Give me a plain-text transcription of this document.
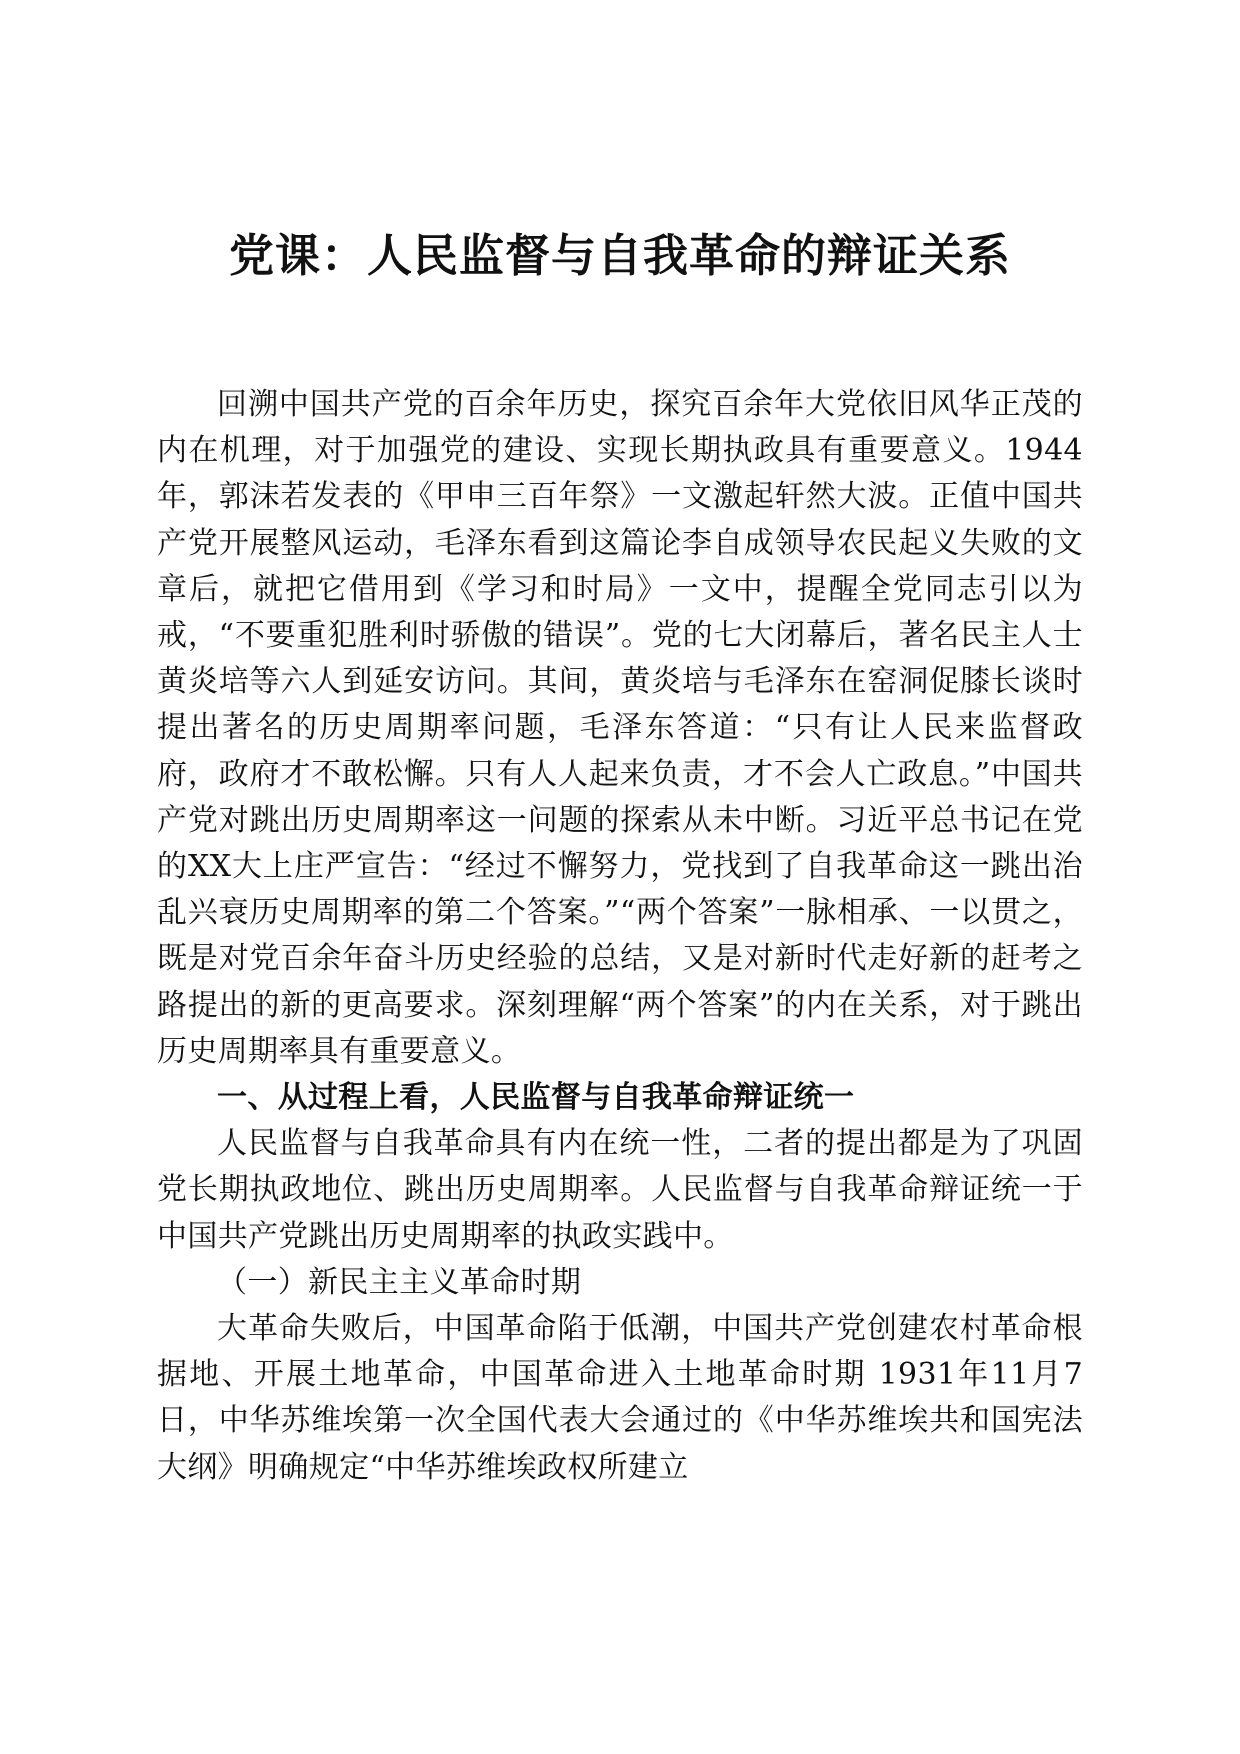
党课：人民监督与自我革命的辩证关系

回溯中国共产党的百余年历史，探究百余年大党依旧风华正茂的内在机理，对于加强党的建设、实现长期执政具有重要意义。1944年，郭沫若发表的《甲申三百年祭》一文激起轩然大波。正值中国共产党开展整风运动，毛泽东看到这篇论李自成领导农民起义失败的文章后，就把它借用到《学习和时局》一文中，提醒全党同志引以为戒，“不要重犯胜利时骄傲的错误”。党的七大闭幕后，著名民主人士黄炎培等六人到延安访问。其间，黄炎培与毛泽东在窑洞促膝长谈时提出著名的历史周期率问题，毛泽东答道：“只有让人民来监督政府，政府才不敢松懈。只有人人起来负责，才不会人亡政息。”中国共产党对跳出历史周期率这一问题的探索从未中断。习近平总书记在党的XX大上庄严宣告：“经过不懈努力，党找到了自我革命这一跳出治乱兴衰历史周期率的第二个答案。”“两个答案”一脉相承、一以贯之，既是对党百余年奋斗历史经验的总结，又是对新时代走好新的赶考之路提出的新的更高要求。深刻理解“两个答案”的内在关系，对于跳出历史周期率具有重要意义。

一、从过程上看，人民监督与自我革命辩证统一

人民监督与自我革命具有内在统一性，二者的提出都是为了巩固党长期执政地位、跳出历史周期率。人民监督与自我革命辩证统一于中国共产党跳出历史周期率的执政实践中。

（一）新民主主义革命时期

大革命失败后，中国革命陷于低潮，中国共产党创建农村革命根据地、开展土地革命，中国革命进入土地革命时期 1931年11月7日，中华苏维埃第一次全国代表大会通过的《中华苏维埃共和国宪法大纲》明确规定“中华苏维埃政权所建立
